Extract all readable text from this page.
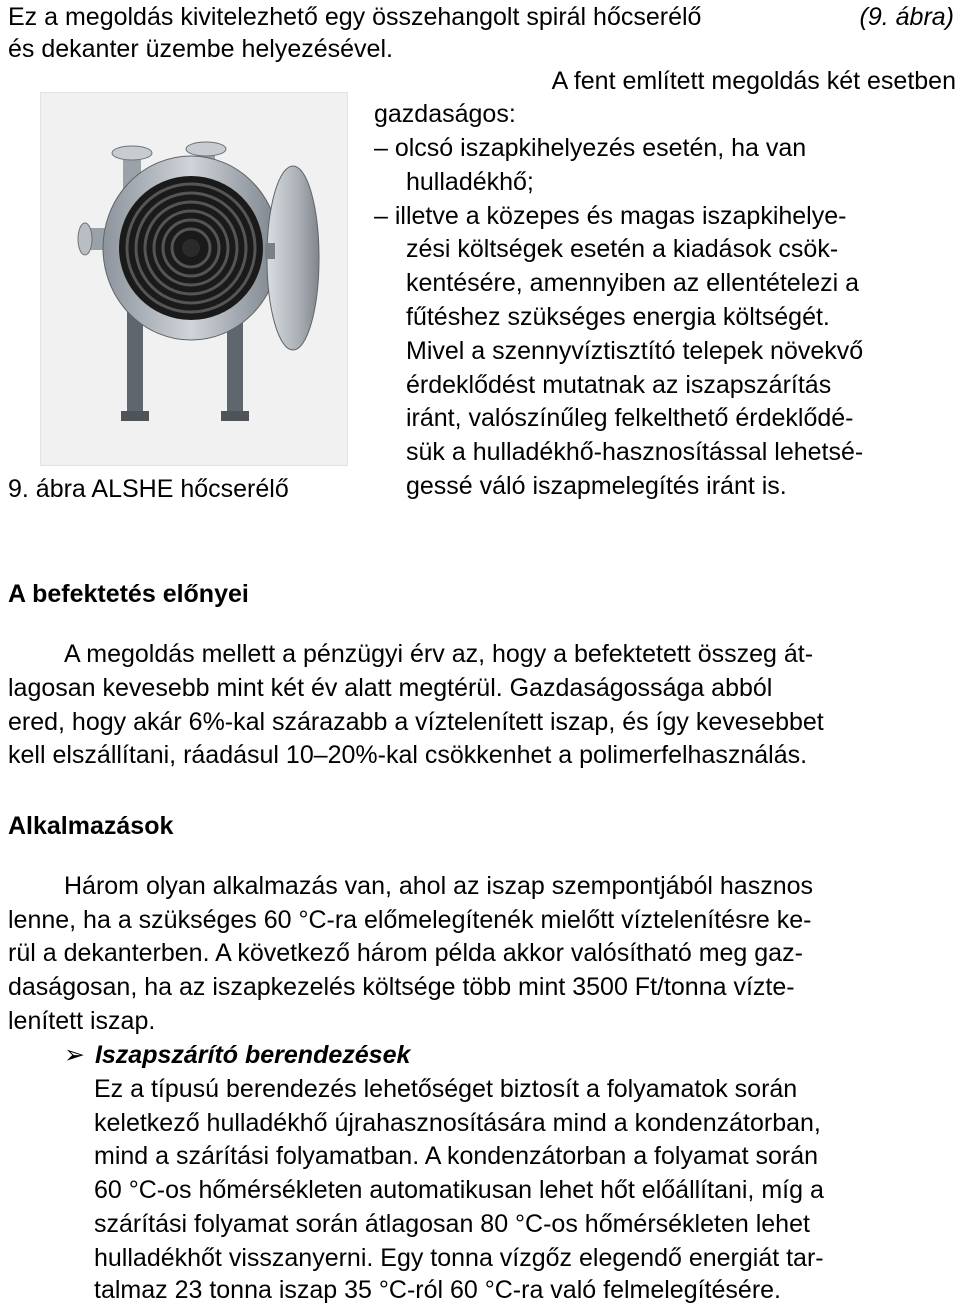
Ez a megoldás kivitelezhető egy összehangolt spirál hőcserélő	(9. ábra)
és dekanter üzembe helyezésével.
9. ábra ALSHE hőcserélő
A fent említett megoldás két esetben
gazdaságos:
– olcsó iszapkihelyezés esetén, ha van
hulladékhő;
– illetve a közepes és magas iszapkihelye-
zési költségek esetén a kiadások csök-
kentésére, amennyiben az ellentételezi a
fűtéshez szükséges energia költségét.
Mivel a szennyvíztisztító telepek növekvő
érdeklődést mutatnak az iszapszárítás
iránt, valószínűleg felkelthető érdeklődé-
sük a hulladékhő-hasznosítással lehetsé-
gessé váló iszapmelegítés iránt is.
A befektetés előnyei
A megoldás mellett a pénzügyi érv az, hogy a befektetett összeg át-
lagosan kevesebb mint két év alatt megtérül. Gazdaságossága abból
ered, hogy akár 6%-kal szárazabb a víztelenített iszap, és így kevesebbet
kell elszállítani, ráadásul 10–20%-kal csökkenhet a polimerfelhasználás.
Alkalmazások
Három olyan alkalmazás van, ahol az iszap szempontjából hasznos
lenne, ha a szükséges 60 °C-ra előmelegítenék mielőtt víztelenítésre ke-
rül a dekanterben. A következő három példa akkor valósítható meg gaz-
daságosan, ha az iszapkezelés költsége több mint 3500 Ft/tonna vízte-
lenített iszap.
➢ Iszapszárító berendezések
Ez a típusú berendezés lehetőséget biztosít a folyamatok során
keletkező hulladékhő újrahasznosítására mind a kondenzátorban,
mind a szárítási folyamatban. A kondenzátorban a folyamat során
60 °C-os hőmérsékleten automatikusan lehet hőt előállítani, míg a
szárítási folyamat során átlagosan 80 °C-os hőmérsékleten lehet
hulladékhőt visszanyerni. Egy tonna vízgőz elegendő energiát tar-
talmaz 23 tonna iszap 35 °C-ról 60 °C-ra való felmelegítésére.
